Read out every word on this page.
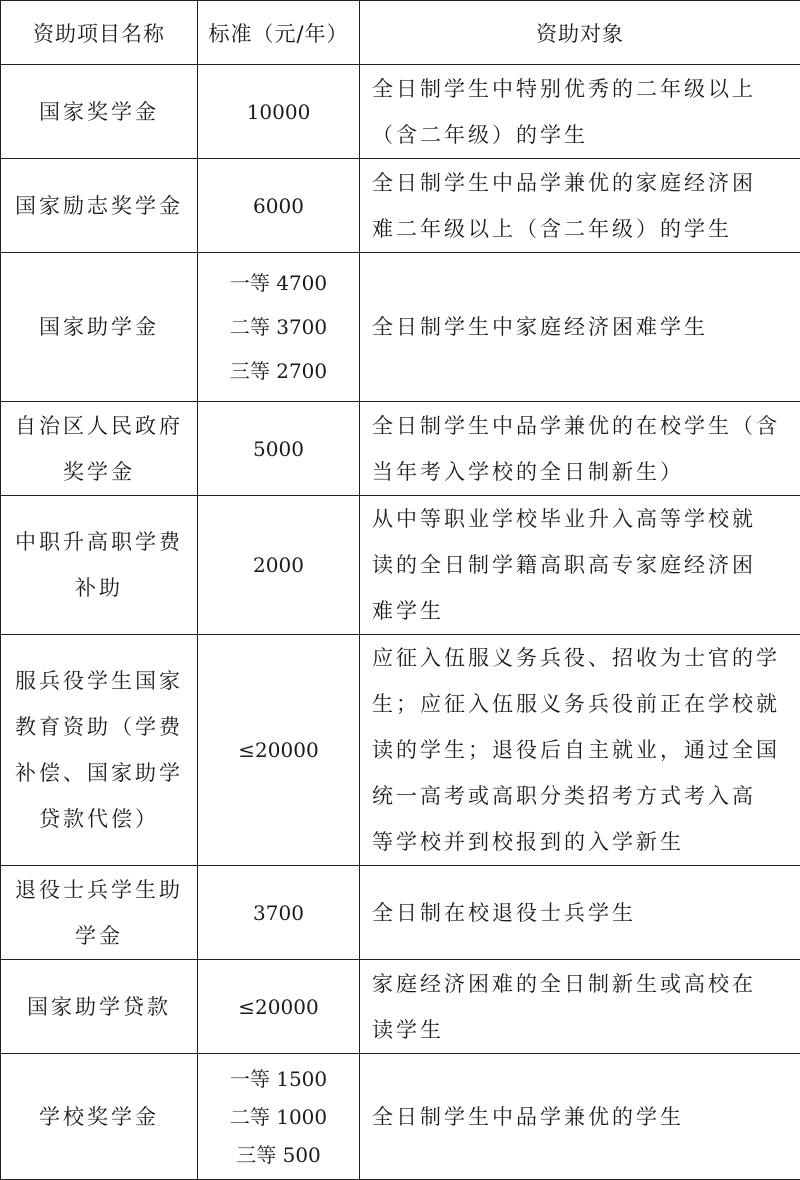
资助项目名称	标准（元/年）	资助对象

国家奖学金	10000	全日制学生中特别优秀的二年级以上
（含二年级）的学生

国家励志奖学金	6000	全日制学生中品学兼优的家庭经济困
难二年级以上（含二年级）的学生

国家助学金	一等 4700
二等 3700
三等 2700	全日制学生中家庭经济困难学生

自治区人民政府
奖学金	5000	全日制学生中品学兼优的在校学生（含
当年考入学校的全日制新生）

中职升高职学费
补助	2000	从中等职业学校毕业升入高等学校就
读的全日制学籍高职高专家庭经济困
难学生

服兵役学生国家
教育资助（学费
补偿、国家助学
贷款代偿）	≤20000	应征入伍服义务兵役、招收为士官的学
生；应征入伍服义务兵役前正在学校就
读的学生；退役后自主就业，通过全国
统一高考或高职分类招考方式考入高
等学校并到校报到的入学新生

退役士兵学生助
学金	3700	全日制在校退役士兵学生

国家助学贷款	≤20000	家庭经济困难的全日制新生或高校在
读学生

学校奖学金	一等 1500
二等 1000
三等 500	全日制学生中品学兼优的学生
